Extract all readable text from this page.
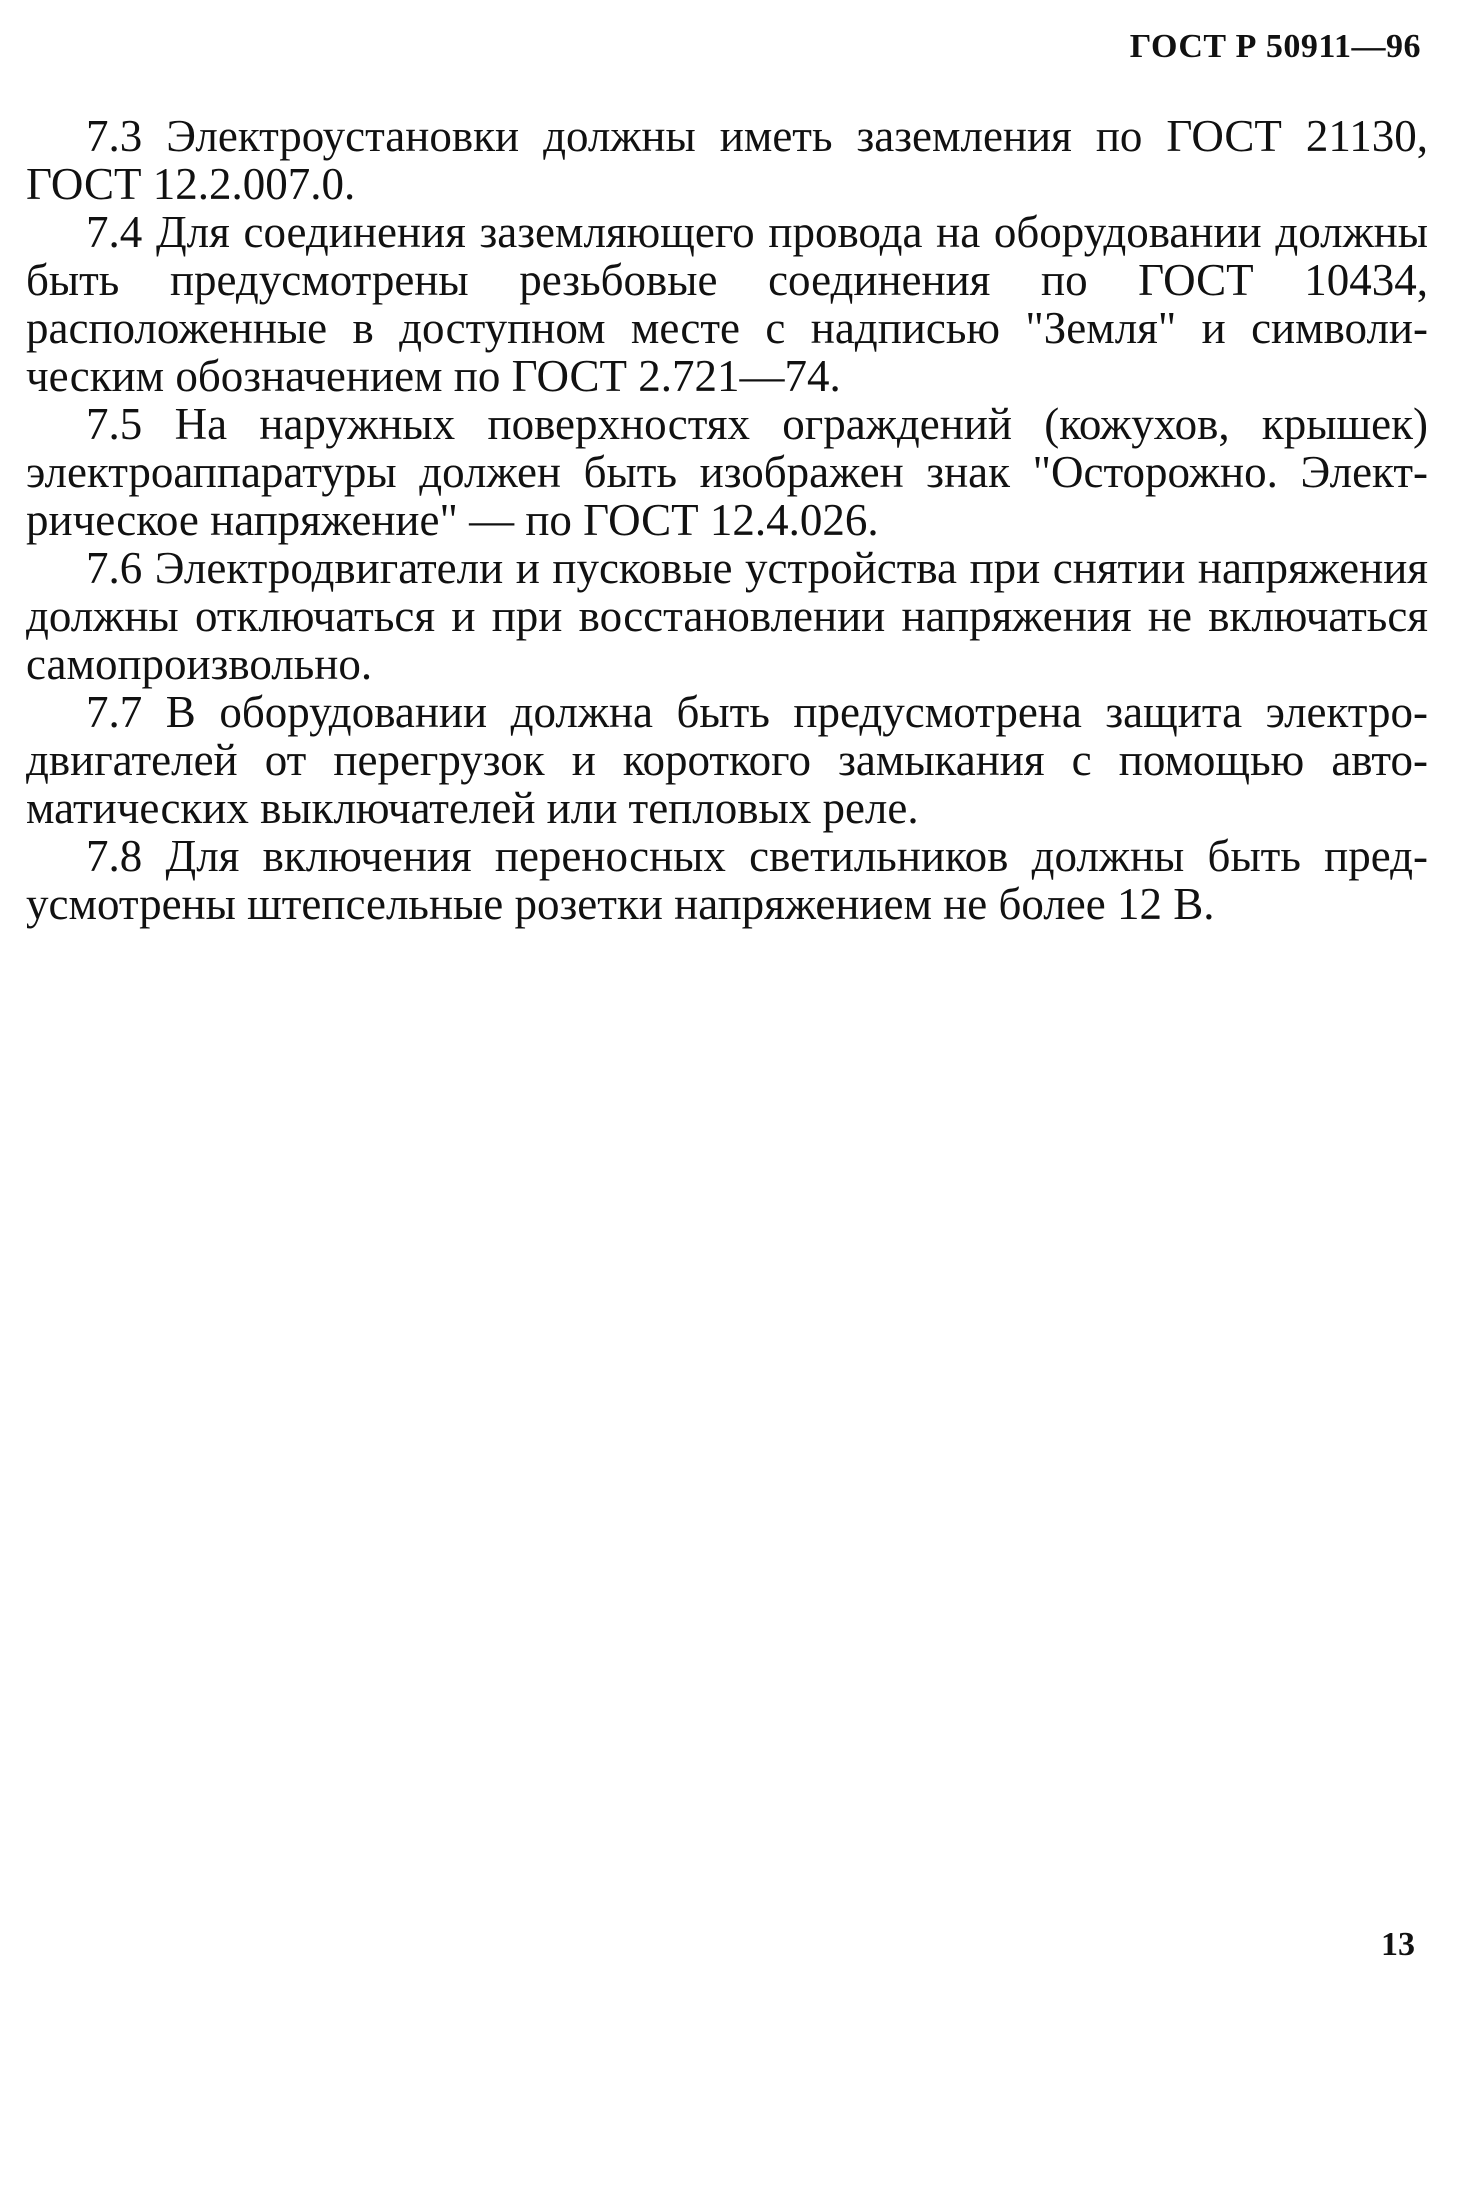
ГОСТ Р 50911—96

7.3 Электроустановки должны иметь заземления по ГОСТ 21130, ГОСТ 12.2.007.0.

7.4 Для соединения заземляющего провода на оборудовании должны быть предусмотрены резьбовые соединения по ГОСТ 10434, расположенные в доступном месте с надписью "Земля" и символическим обозначением по ГОСТ 2.721—74.

7.5 На наружных поверхностях ограждений (кожухов, крышек) электроаппаратуры должен быть изображен знак "Осторожно. Электрическое напряжение" — по ГОСТ 12.4.026.

7.6 Электродвигатели и пусковые устройства при снятии напряжения должны отключаться и при восстановлении напряжения не включаться самопроизвольно.

7.7 В оборудовании должна быть предусмотрена защита электродвигателей от перегрузок и короткого замыкания с помощью автоматических выключателей или тепловых реле.

7.8 Для включения переносных светильников должны быть предусмотрены штепсельные розетки напряжением не более 12 В.

13
